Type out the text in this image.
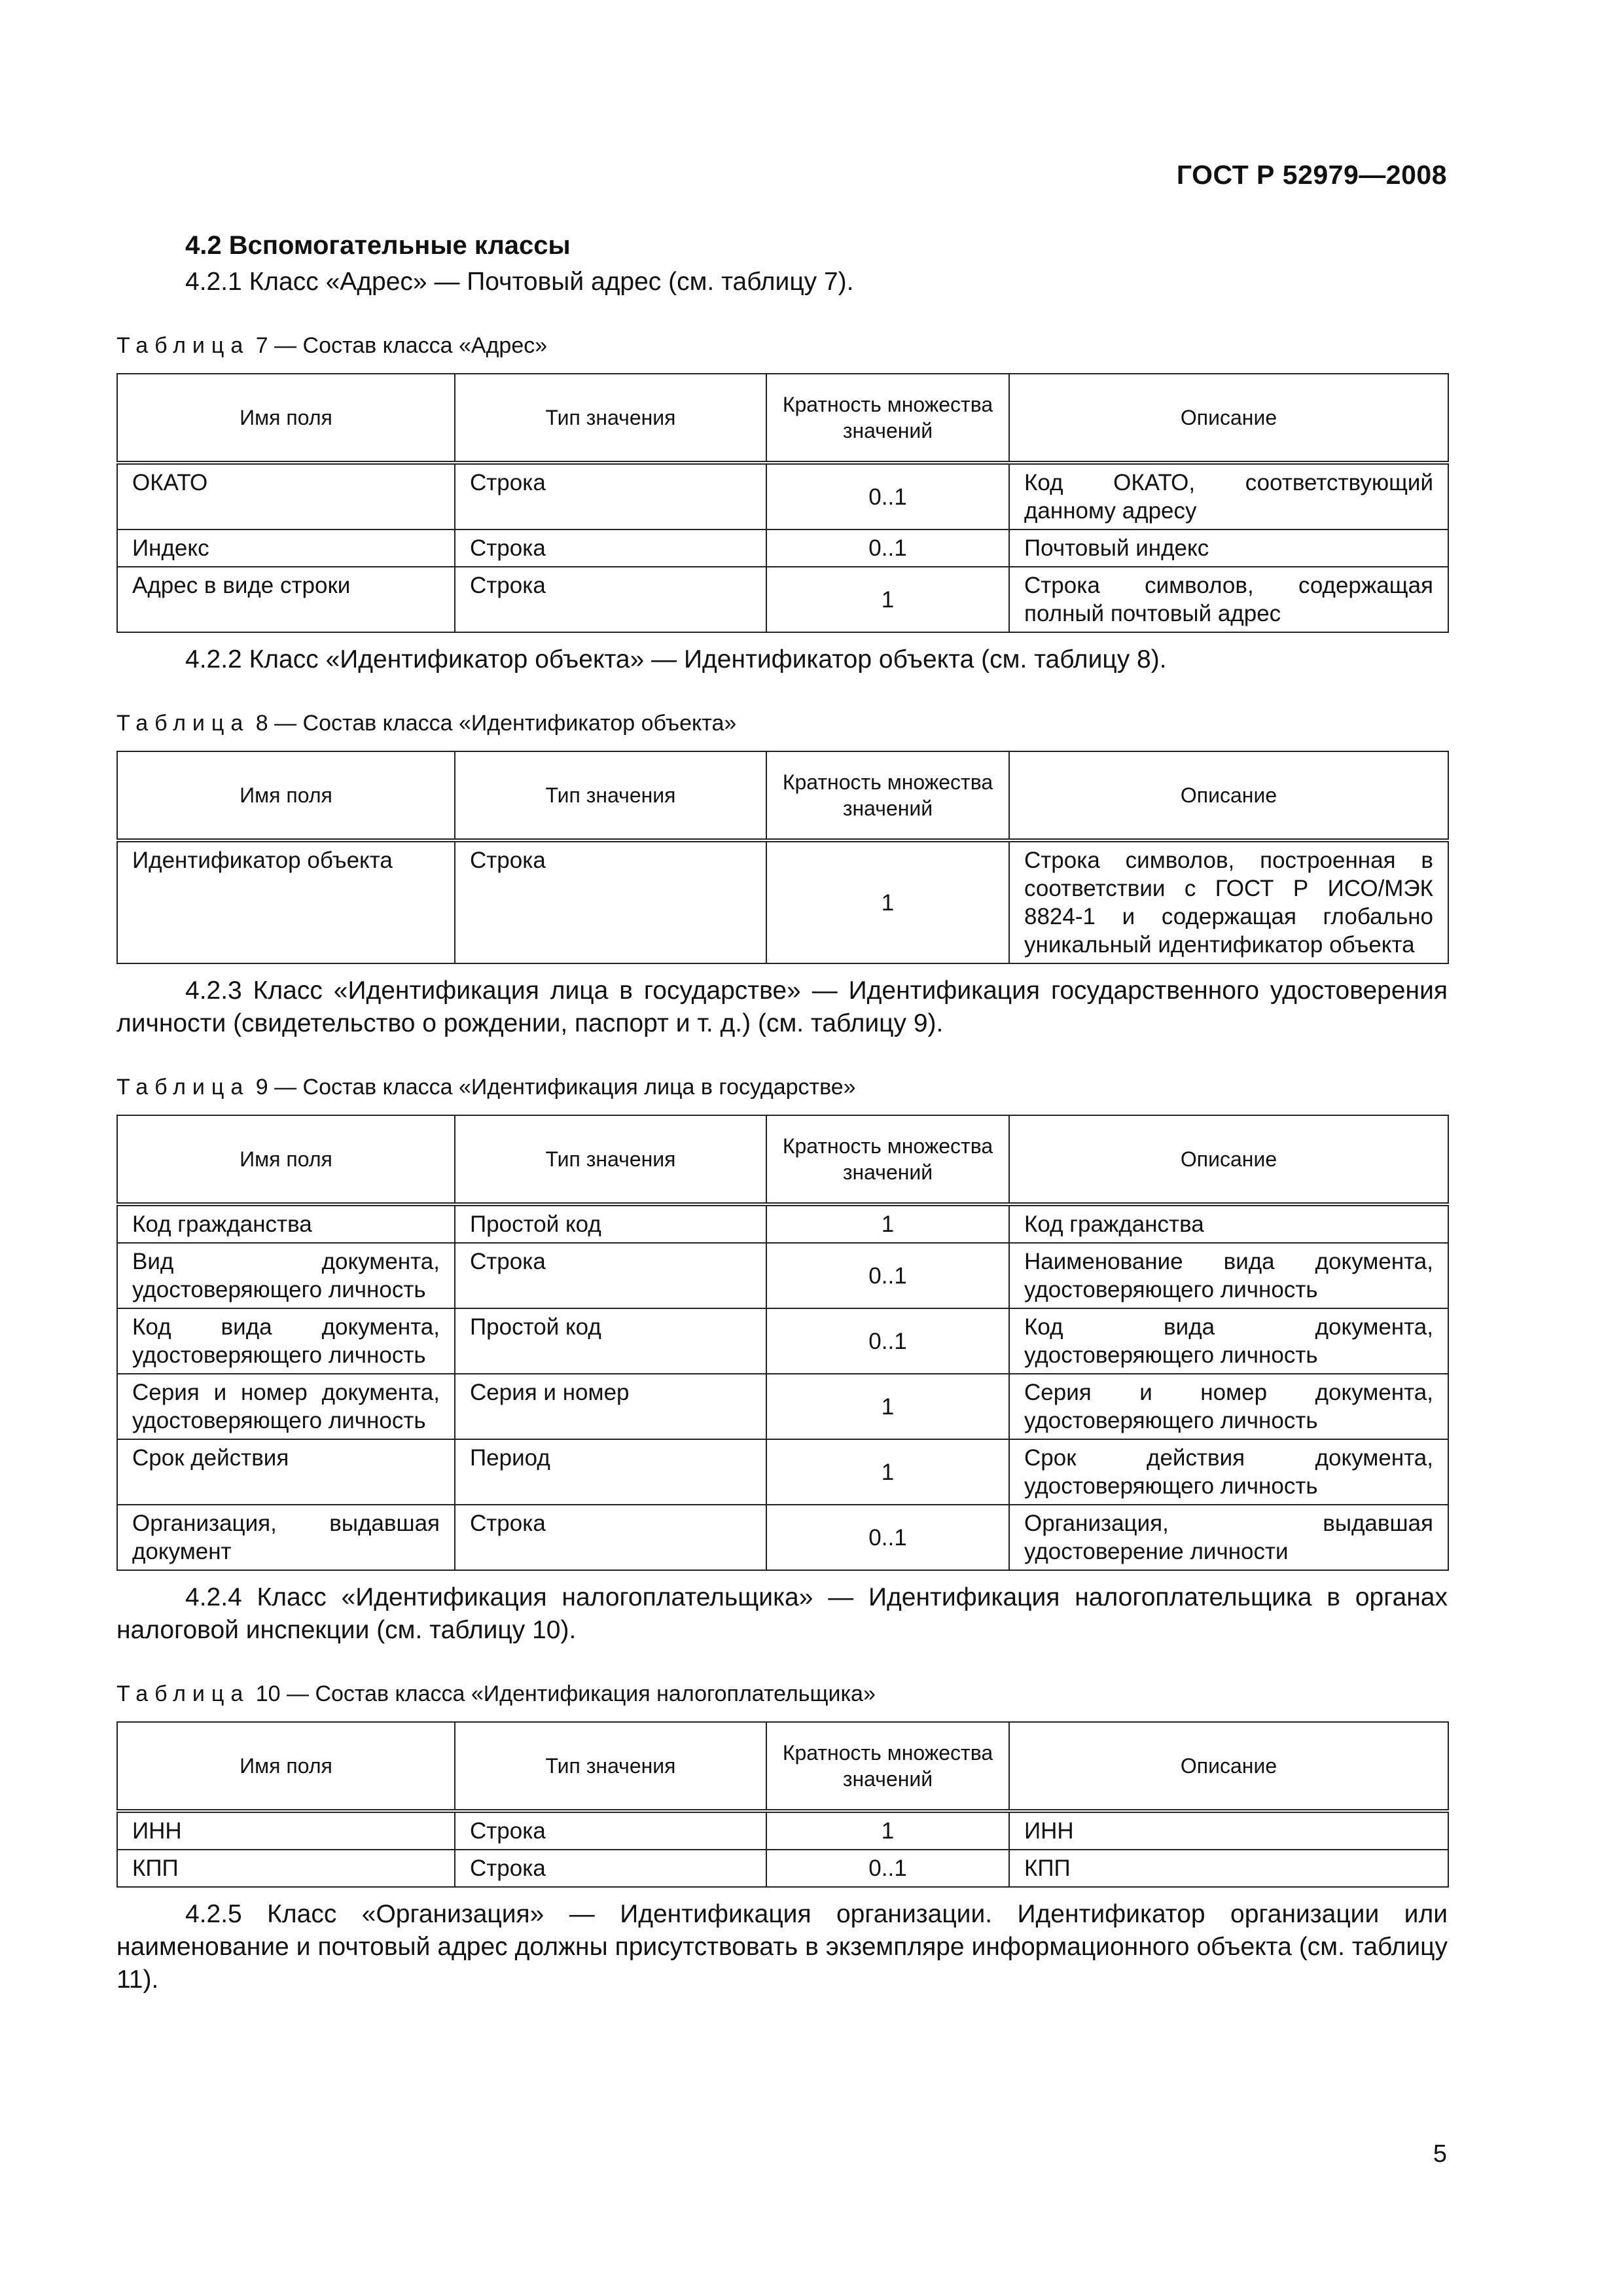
ГОСТ Р 52979—2008
4.2 Вспомогательные классы

4.2.1 Класс «Адрес» — Почтовый адрес (см. таблицу 7).

Таблица 7 — Состав класса «Адрес»
Имя поля	Тип значения	Кратность множества значений	Описание
ОКАТО	Строка	0..1	Код ОКАТО, соответствующий данному адресу
Индекс	Строка	0..1	Почтовый индекс
Адрес в виде строки	Строка	1	Строка символов, содержащая полный почтовый адрес

4.2.2 Класс «Идентификатор объекта» — Идентификатор объекта (см. таблицу 8).

Таблица 8 — Состав класса «Идентификатор объекта»
Имя поля	Тип значения	Кратность множества значений	Описание
Идентификатор объекта	Строка	1	Строка символов, построенная в соответствии с ГОСТ Р ИСО/МЭК 8824-1 и содержащая глобально уникальный идентификатор объекта

4.2.3 Класс «Идентификация лица в государстве» — Идентификация государственного удостоверения личности (свидетельство о рождении, паспорт и т. д.) (см. таблицу 9).

Таблица 9 — Состав класса «Идентификация лица в государстве»
Имя поля	Тип значения	Кратность множества значений	Описание
Код гражданства	Простой код	1	Код гражданства
Вид документа, удостоверяющего личность	Строка	0..1	Наименование вида документа, удостоверяющего личность
Код вида документа, удостоверяющего личность	Простой код	0..1	Код вида документа, удостоверяющего личность
Серия и номер документа, удостоверяющего личность	Серия и номер	1	Серия и номер документа, удостоверяющего личность
Срок действия	Период	1	Срок действия документа, удостоверяющего личность
Организация, выдавшая документ	Строка	0..1	Организация, выдавшая удостоверение личности

4.2.4 Класс «Идентификация налогоплательщика» — Идентификация налогоплательщика в органах налоговой инспекции (см. таблицу 10).

Таблица 10 — Состав класса «Идентификация налогоплательщика»
Имя поля	Тип значения	Кратность множества значений	Описание
ИНН	Строка	1	ИНН
КПП	Строка	0..1	КПП

4.2.5 Класс «Организация» — Идентификация организации. Идентификатор организации или наименование и почтовый адрес должны присутствовать в экземпляре информационного объекта (см. таблицу 11).

5
